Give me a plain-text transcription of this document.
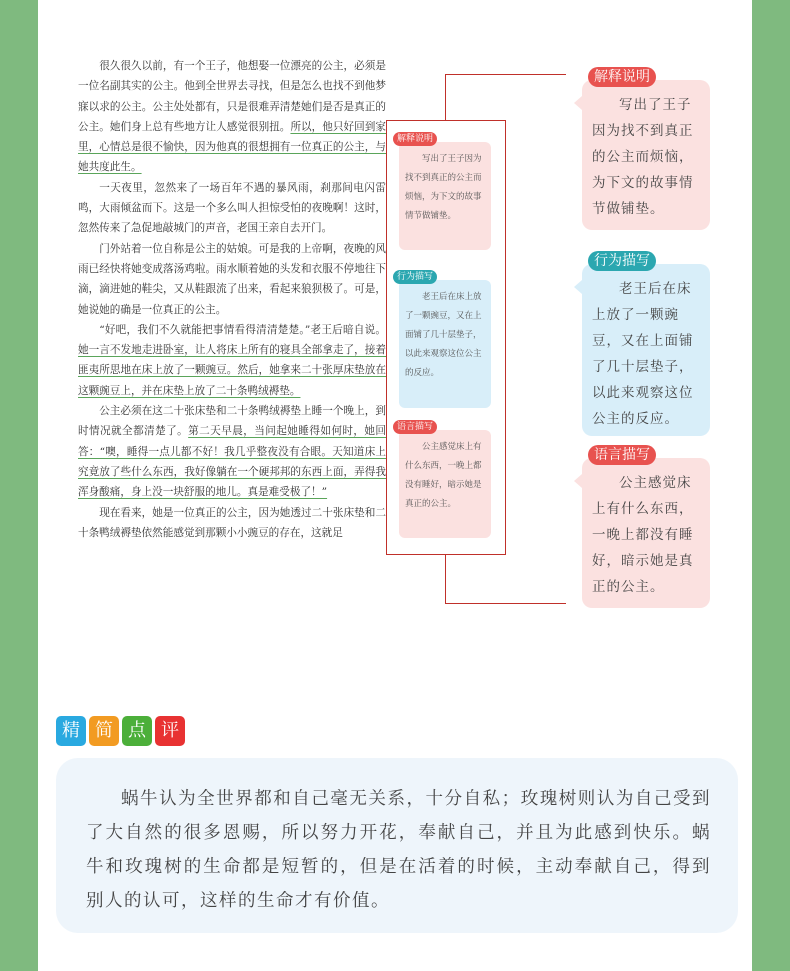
很久很久以前，有一个王子，他想娶一位漂亮的公主，必须是一位名副其实的公主。他到全世界去寻找，但是怎么也找不到他梦寐以求的公主。公主处处都有，只是很难弄清楚她们是否是真正的公主。她们身上总有些地方让人感觉很别扭。所以，他只好回到家里，心情总是很不愉快，因为他真的很想拥有一位真正的公主，与她共度此生。

一天夜里，忽然来了一场百年不遇的暴风雨，刹那间电闪雷鸣，大雨倾盆而下。这是一个多么叫人担惊受怕的夜晚啊！这时，忽然传来了急促地敲城门的声音，老国王亲自去开门。

门外站着一位自称是公主的姑娘。可是我的上帝啊，夜晚的风雨已经快将她变成落汤鸡啦。雨水顺着她的头发和衣服不停地往下滴，滴进她的鞋尖，又从鞋跟流了出来，看起来狼狈极了。可是，她说她的确是一位真正的公主。

“好吧，我们不久就能把事情看得清清楚楚。”老王后暗自说。她一言不发地走进卧室，让人将床上所有的寝具全部拿走了，接着匪夷所思地在床上放了一颗豌豆。然后，她拿来二十张厚床垫放在这颗豌豆上，并在床垫上放了二十条鸭绒褥垫。

公主必须在这二十张床垫和二十条鸭绒褥垫上睡一个晚上，到时情况就全都清楚了。第二天早晨，当问起她睡得如何时，她回答：“噢，睡得一点儿都不好！我几乎整夜没有合眼。天知道床上究竟放了些什么东西，我好像躺在一个硬邦邦的东西上面，弄得我浑身酸痛，身上没一块舒服的地儿。真是难受极了！”

现在看来，她是一位真正的公主，因为她透过二十张床垫和二十条鸭绒褥垫依然能感觉到那颗小小豌豆的存在，这就足

解释说明
写出了王子因为找不到真正的公主而烦恼，为下文的故事情节做铺垫。
行为描写
老王后在床上放了一颗豌豆，又在上面铺了几十层垫子，以此来观察这位公主的反应。
语言描写
公主感觉床上有什么东西，一晚上都没有睡好，暗示她是真正的公主。
解释说明
写出了王子因为找不到真正的公主而烦恼，为下文的故事情节做铺垫。
行为描写
老王后在床上放了一颗豌豆，又在上面铺了几十层垫子，以此来观察这位公主的反应。
语言描写
公主感觉床上有什么东西，一晚上都没有睡好，暗示她是真正的公主。
精 简 点 评

蜗牛认为全世界都和自己毫无关系，十分自私；玫瑰树则认为自己受到了大自然的很多恩赐，所以努力开花，奉献自己，并且为此感到快乐。蜗牛和玫瑰树的生命都是短暂的，但是在活着的时候，主动奉献自己，得到别人的认可，这样的生命才有价值。
